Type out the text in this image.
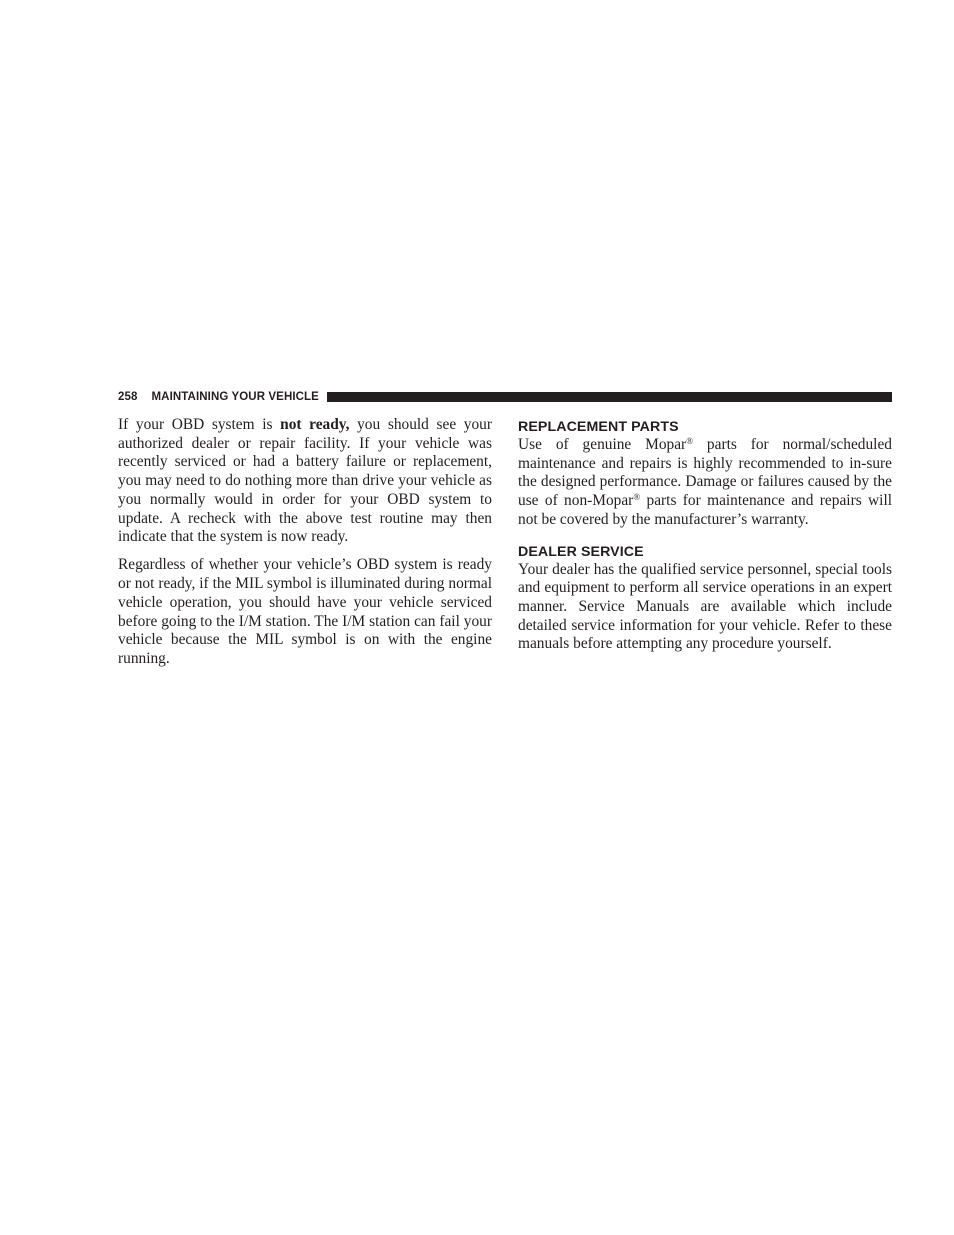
258 MAINTAINING YOUR VEHICLE

If your OBD system is not ready, you should see your authorized dealer or repair facility. If your vehicle was recently serviced or had a battery failure or replacement, you may need to do nothing more than drive your vehicle as you normally would in order for your OBD system to update. A recheck with the above test routine may then indicate that the system is now ready.

Regardless of whether your vehicle’s OBD system is ready or not ready, if the MIL symbol is illuminated during normal vehicle operation, you should have your vehicle serviced before going to the I/M station. The I/M station can fail your vehicle because the MIL symbol is on with the engine running.

REPLACEMENT PARTS

Use of genuine Mopar® parts for normal/scheduled maintenance and repairs is highly recommended to in-sure the designed performance. Damage or failures caused by the use of non-Mopar® parts for maintenance and repairs will not be covered by the manufacturer’s warranty.

DEALER SERVICE

Your dealer has the qualified service personnel, special tools and equipment to perform all service operations in an expert manner. Service Manuals are available which include detailed service information for your vehicle. Refer to these manuals before attempting any procedure yourself.
